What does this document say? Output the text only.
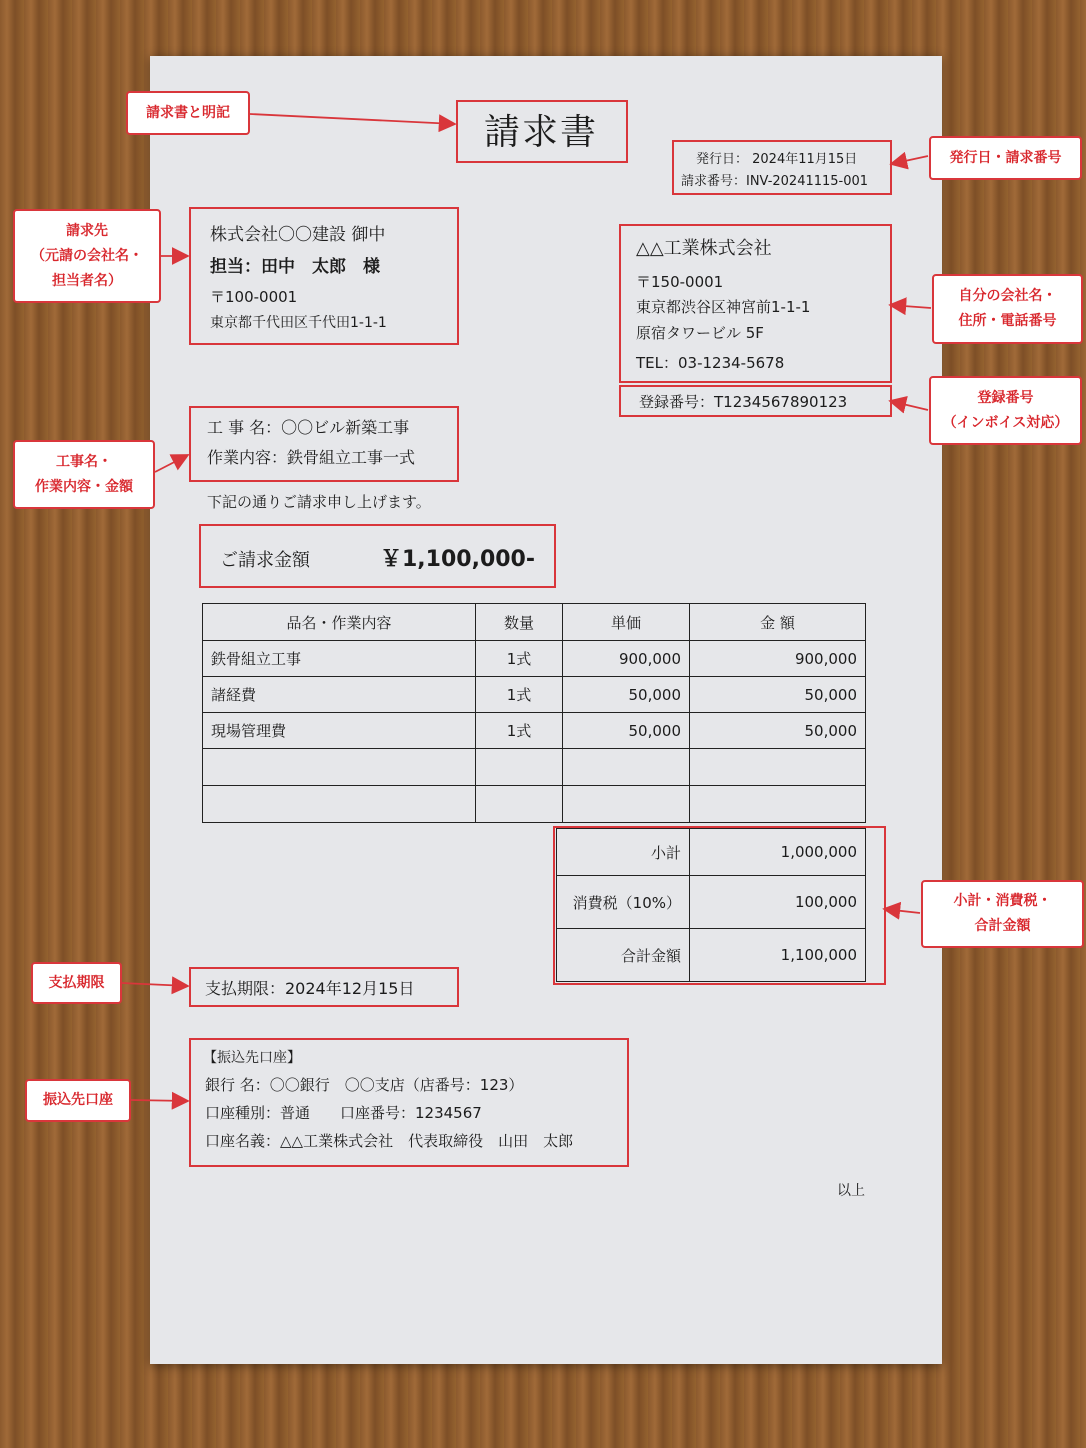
請求書
発行日： 2024年11月15日
請求番号：INV-20241115-001
株式会社〇〇建設 御中
担当：田中　太郎　様
〒100-0001
東京都千代田区千代田1-1-1
△△工業株式会社
〒150-0001
東京都渋谷区神宮前1-1-1
原宿タワービル 5F
TEL：03-1234-5678
登録番号：T1234567890123
工 事 名：〇〇ビル新築工事
作業内容：鉄骨組立工事一式
下記の通りご請求申し上げます。
ご請求金額	￥1,100,000-
品名・作業内容	数量	単価	金 額
鉄骨組立工事	1式	900,000	900,000
諸経費	1式	50,000	50,000
現場管理費	1式	50,000	50,000

小計	1,000,000
消費税（10%）	100,000
合計金額	1,100,000
支払期限：2024年12月15日
【振込先口座】
銀行 名：〇〇銀行　〇〇支店（店番号：123）
口座種別：普通　　口座番号：1234567
口座名義：△△工業株式会社　代表取締役　山田　太郎
以上
請求書と明記
発行日・請求番号
請求先
（元請の会社名・
担当者名）
自分の会社名・
住所・電話番号
登録番号
（インボイス対応）
工事名・
作業内容・金額
小計・消費税・
合計金額
支払期限
振込先口座
